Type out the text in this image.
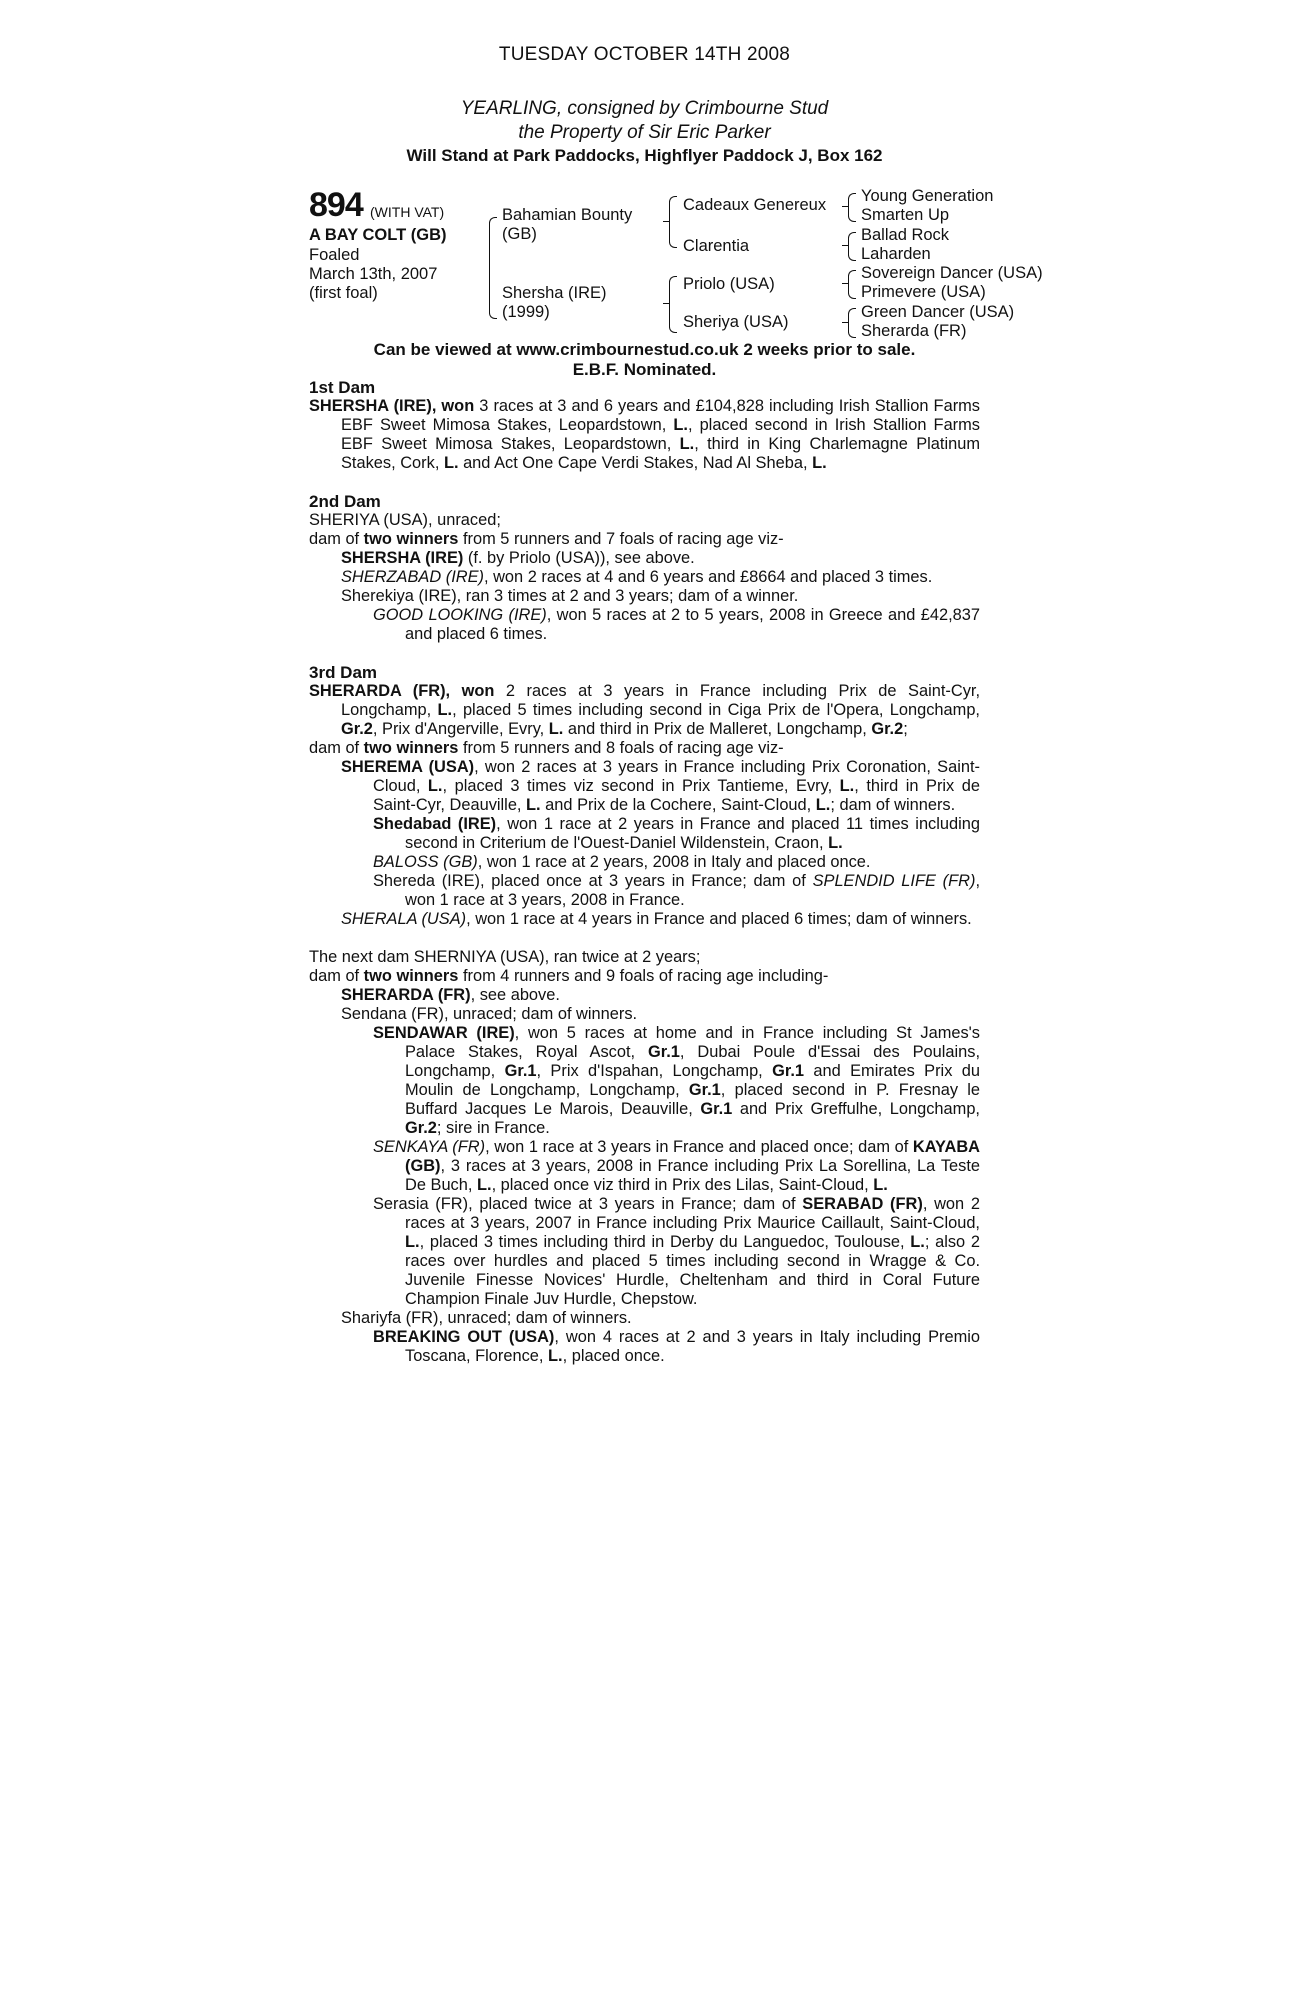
TUESDAY OCTOBER 14TH 2008
YEARLING, consigned by Crimbourne Stud
the Property of Sir Eric Parker
Will Stand at Park Paddocks, Highflyer Paddock J, Box 162
894 (WITH VAT)
A BAY COLT (GB)
Foaled
March 13th, 2007
(first foal)
Bahamian Bounty
(GB)
Shersha (IRE)
(1999)
Cadeaux Genereux
Clarentia
Priolo (USA)
Sheriya (USA)
Young Generation
Smarten Up
Ballad Rock
Laharden
Sovereign Dancer (USA)
Primevere (USA)
Green Dancer (USA)
Sherarda (FR)
Can be viewed at www.crimbournestud.co.uk 2 weeks prior to sale.
E.B.F. Nominated.

1st Dam

SHERSHA (IRE), won 3 races at 3 and 6 years and £104,828 including Irish Stallion Farms EBF Sweet Mimosa Stakes, Leopardstown, L., placed second in Irish Stallion Farms EBF Sweet Mimosa Stakes, Leopardstown, L., third in King Charlemagne Platinum Stakes, Cork, L. and Act One Cape Verdi Stakes, Nad Al Sheba, L.

2nd Dam

SHERIYA (USA), unraced;

dam of two winners from 5 runners and 7 foals of racing age viz-

SHERSHA (IRE) (f. by Priolo (USA)), see above.

SHERZABAD (IRE), won 2 races at 4 and 6 years and £8664 and placed 3 times.

Sherekiya (IRE), ran 3 times at 2 and 3 years; dam of a winner.

GOOD LOOKING (IRE), won 5 races at 2 to 5 years, 2008 in Greece and £42,837 and placed 6 times.

3rd Dam

SHERARDA (FR), won 2 races at 3 years in France including Prix de Saint-Cyr, Longchamp, L., placed 5 times including second in Ciga Prix de l'Opera, Longchamp, Gr.2, Prix d'Angerville, Evry, L. and third in Prix de Malleret, Longchamp, Gr.2;

dam of two winners from 5 runners and 8 foals of racing age viz-

SHEREMA (USA), won 2 races at 3 years in France including Prix Coronation, Saint-Cloud, L., placed 3 times viz second in Prix Tantieme, Evry, L., third in Prix de Saint-Cyr, Deauville, L. and Prix de la Cochere, Saint-Cloud, L.; dam of winners.

Shedabad (IRE), won 1 race at 2 years in France and placed 11 times including second in Criterium de l'Ouest-Daniel Wildenstein, Craon, L.

BALOSS (GB), won 1 race at 2 years, 2008 in Italy and placed once.

Shereda (IRE), placed once at 3 years in France; dam of SPLENDID LIFE (FR), won 1 race at 3 years, 2008 in France.

SHERALA (USA), won 1 race at 4 years in France and placed 6 times; dam of winners.

The next dam SHERNIYA (USA), ran twice at 2 years;

dam of two winners from 4 runners and 9 foals of racing age including-

SHERARDA (FR), see above.

Sendana (FR), unraced; dam of winners.

SENDAWAR (IRE), won 5 races at home and in France including St James's Palace Stakes, Royal Ascot, Gr.1, Dubai Poule d'Essai des Poulains, Longchamp, Gr.1, Prix d'Ispahan, Longchamp, Gr.1 and Emirates Prix du Moulin de Longchamp, Longchamp, Gr.1, placed second in P. Fresnay le Buffard Jacques Le Marois, Deauville, Gr.1 and Prix Greffulhe, Longchamp, Gr.2; sire in France.

SENKAYA (FR), won 1 race at 3 years in France and placed once; dam of KAYABA (GB), 3 races at 3 years, 2008 in France including Prix La Sorellina, La Teste De Buch, L., placed once viz third in Prix des Lilas, Saint-Cloud, L.

Serasia (FR), placed twice at 3 years in France; dam of SERABAD (FR), won 2 races at 3 years, 2007 in France including Prix Maurice Caillault, Saint-Cloud, L., placed 3 times including third in Derby du Languedoc, Toulouse, L.; also 2 races over hurdles and placed 5 times including second in Wragge & Co. Juvenile Finesse Novices' Hurdle, Cheltenham and third in Coral Future Champion Finale Juv Hurdle, Chepstow.

Shariyfa (FR), unraced; dam of winners.

BREAKING OUT (USA), won 4 races at 2 and 3 years in Italy including Premio Toscana, Florence, L., placed once.
